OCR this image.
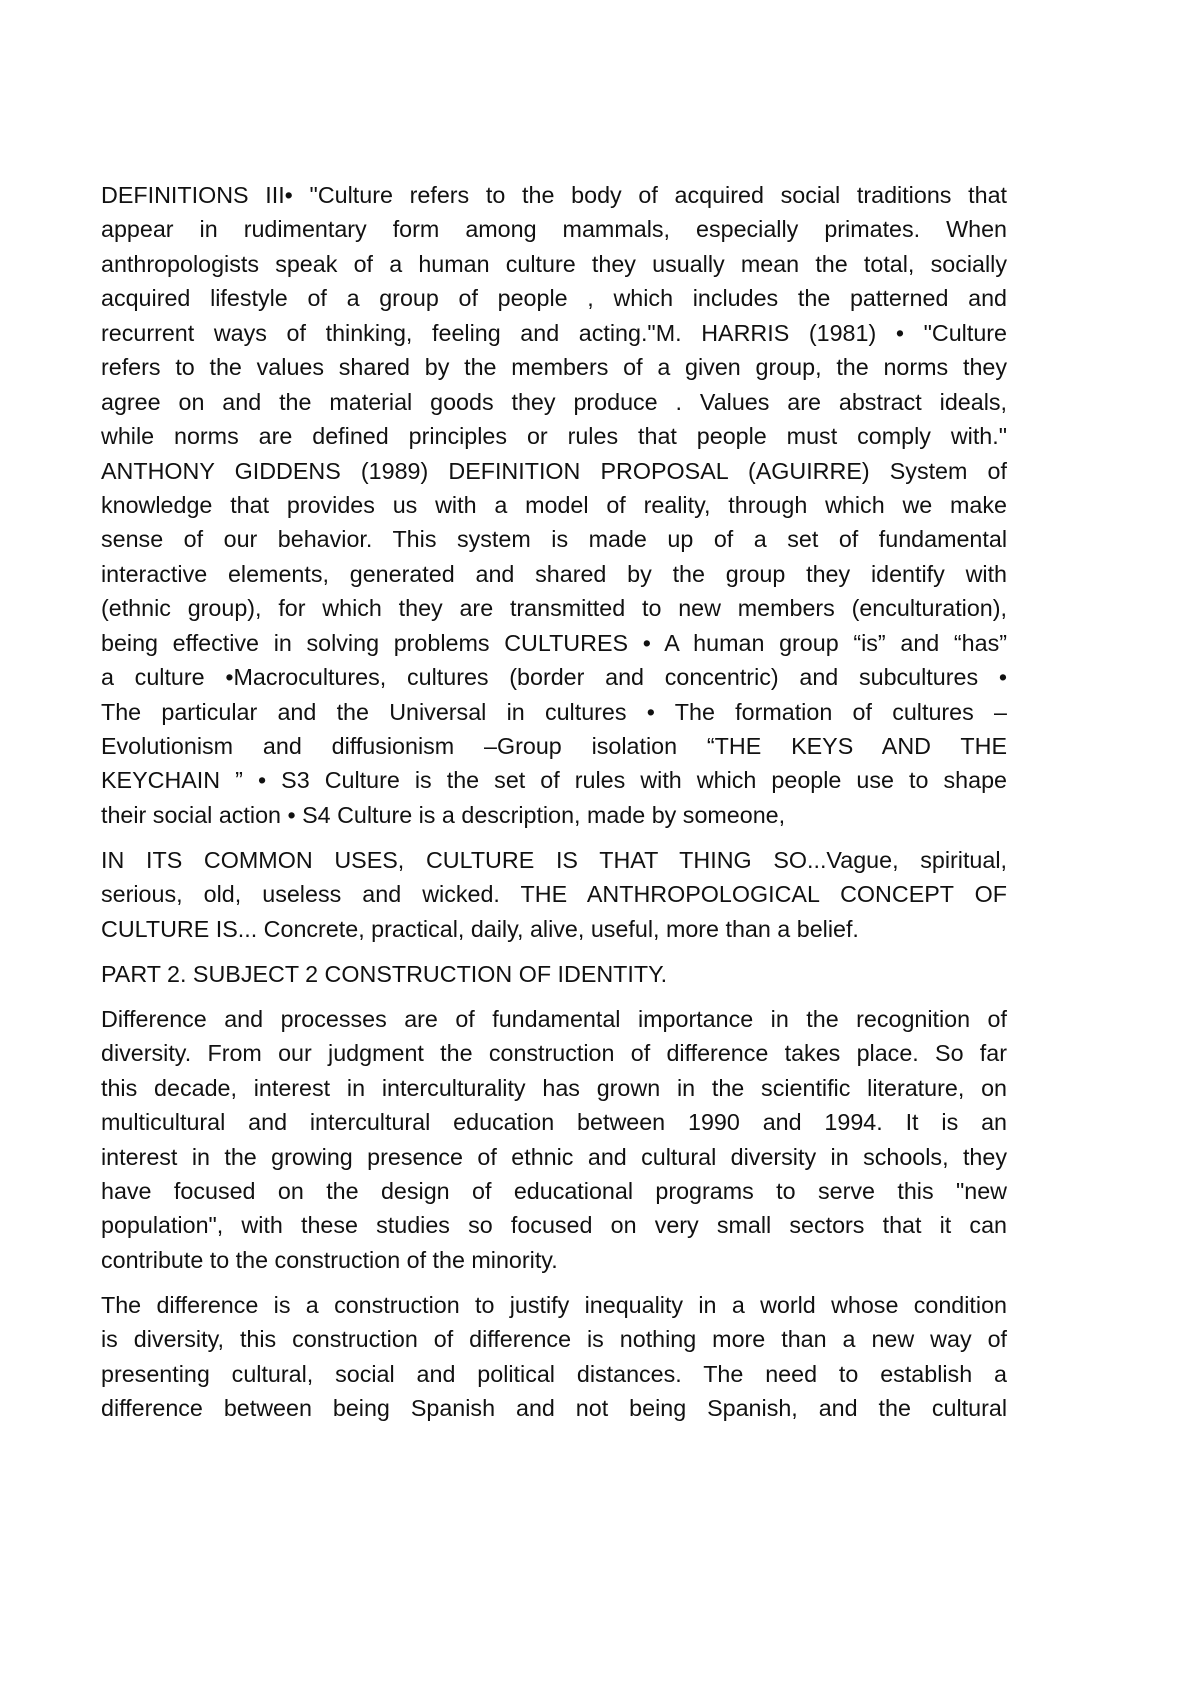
DEFINITIONS III• "Culture refers to the body of acquired social traditions that
appear in rudimentary form among mammals, especially primates. When
anthropologists speak of a human culture they usually mean the total, socially
acquired lifestyle of a group of people , which includes the patterned and
recurrent ways of thinking, feeling and acting."M. HARRIS (1981) • "Culture
refers to the values shared by the members of a given group, the norms they
agree on and the material goods they produce . Values are abstract ideals,
while norms are defined principles or rules that people must comply with."
ANTHONY GIDDENS (1989) DEFINITION PROPOSAL (AGUIRRE) System of
knowledge that provides us with a model of reality, through which we make
sense of our behavior. This system is made up of a set of fundamental
interactive elements, generated and shared by the group they identify with
(ethnic group), for which they are transmitted to new members (enculturation),
being effective in solving problems CULTURES • A human group “is” and “has”
a culture •Macrocultures, cultures (border and concentric) and subcultures •
The particular and the Universal in cultures • The formation of cultures –
Evolutionism and diffusionism –Group isolation “THE KEYS AND THE
KEYCHAIN ” • S3 Culture is the set of rules with which people use to shape
their social action • S4 Culture is a description, made by someone,
IN ITS COMMON USES, CULTURE IS THAT THING SO...Vague, spiritual,
serious, old, useless and wicked. THE ANTHROPOLOGICAL CONCEPT OF
CULTURE IS... Concrete, practical, daily, alive, useful, more than a belief.
PART 2. SUBJECT 2 CONSTRUCTION OF IDENTITY.
Difference and processes are of fundamental importance in the recognition of
diversity. From our judgment the construction of difference takes place. So far
this decade, interest in interculturality has grown in the scientific literature, on
multicultural and intercultural education between 1990 and 1994. It is an
interest in the growing presence of ethnic and cultural diversity in schools, they
have focused on the design of educational programs to serve this "new
population", with these studies so focused on very small sectors that it can
contribute to the construction of the minority.
The difference is a construction to justify inequality in a world whose condition
is diversity, this construction of difference is nothing more than a new way of
presenting cultural, social and political distances. The need to establish a
difference between being Spanish and not being Spanish, and the cultural
